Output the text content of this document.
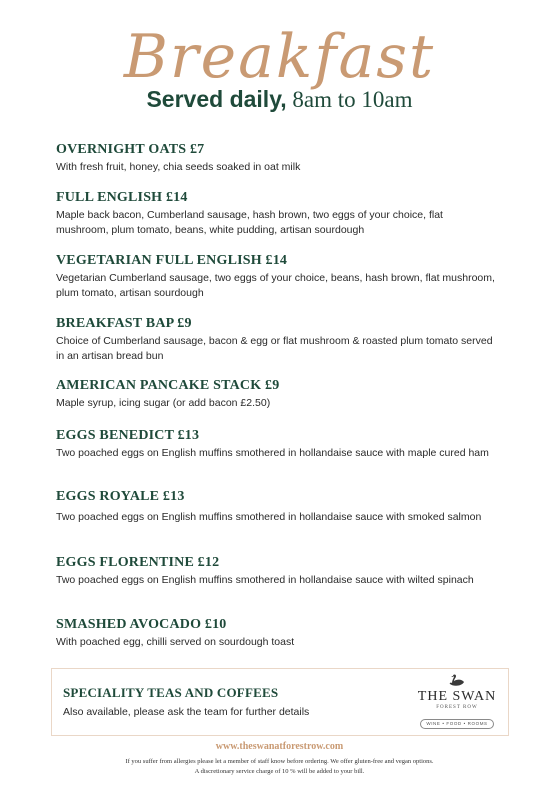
Breakfast
Served daily, 8am to 10am
OVERNIGHT OATS £7
With fresh fruit, honey, chia seeds soaked in oat milk
FULL ENGLISH £14
Maple back bacon, Cumberland sausage, hash brown, two eggs of your choice, flat mushroom, plum tomato, beans, white pudding, artisan sourdough
VEGETARIAN FULL ENGLISH £14
Vegetarian Cumberland sausage, two eggs of your choice, beans, hash brown, flat mushroom, plum tomato, artisan sourdough
BREAKFAST BAP £9
Choice of Cumberland sausage, bacon & egg or flat mushroom & roasted plum tomato served in an artisan bread bun
AMERICAN PANCAKE STACK £9
Maple syrup, icing sugar (or add bacon £2.50)
EGGS BENEDICT £13
Two poached eggs on English muffins smothered in hollandaise sauce with maple cured ham
EGGS ROYALE £13
Two poached eggs on English muffins smothered in hollandaise sauce with smoked salmon
EGGS FLORENTINE £12
Two poached eggs on English muffins smothered in hollandaise sauce with wilted spinach
SMASHED AVOCADO £10
With poached egg, chilli served on sourdough toast
SPECIALITY TEAS AND COFFEES
Also available, please ask the team for further details
THE SWAN
FOREST ROW
WINE • FOOD • ROOMS
www.theswanatforestrow.com
If you suffer from allergies please let a member of staff know before ordering. We offer gluten-free and vegan options.
A discretionary service charge of 10 % will be added to your bill.
